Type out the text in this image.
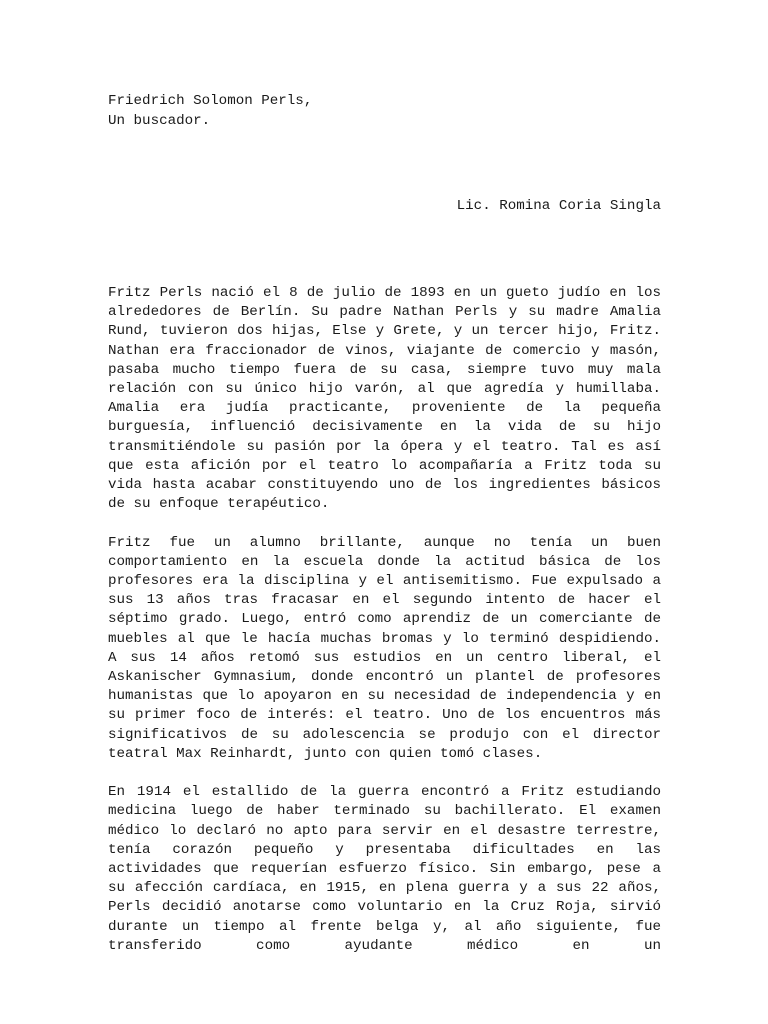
Friedrich Solomon Perls,
Un buscador.
Lic. Romina Coria Singla

Fritz Perls nació el 8 de julio de 1893 en un gueto judío en los alrededores de Berlín. Su padre Nathan Perls y su madre Amalia Rund, tuvieron dos hijas, Else y Grete, y un tercer hijo, Fritz. Nathan era fraccionador de vinos, viajante de comercio y masón, pasaba mucho tiempo fuera de su casa, siempre tuvo muy mala relación con su único hijo varón, al que agredía y humillaba. Amalia era judía practicante, proveniente de la pequeña burguesía, influenció decisivamente en la vida de su hijo transmitiéndole su pasión por la ópera y el teatro. Tal es así que esta afición por el teatro lo acompañaría a Fritz toda su vida hasta acabar constituyendo uno de los ingredientes básicos de su enfoque terapéutico.

Fritz fue un alumno brillante, aunque no tenía un buen comportamiento en la escuela donde la actitud básica de los profesores era la disciplina y el antisemitismo. Fue expulsado a sus 13 años tras fracasar en el segundo intento de hacer el séptimo grado. Luego, entró como aprendiz de un comerciante de muebles al que le hacía muchas bromas y lo terminó despidiendo. A sus 14 años retomó sus estudios en un centro liberal, el Askanischer Gymnasium, donde encontró un plantel de profesores humanistas que lo apoyaron en su necesidad de independencia y en su primer foco de interés: el teatro. Uno de los encuentros más significativos de su adolescencia se produjo con el director teatral Max Reinhardt, junto con quien tomó clases.

En 1914 el estallido de la guerra encontró a Fritz estudiando medicina luego de haber terminado su bachillerato. El examen médico lo declaró no apto para servir en el desastre terrestre, tenía corazón pequeño y presentaba dificultades en las actividades que requerían esfuerzo físico. Sin embargo, pese a su afección cardíaca, en 1915, en plena guerra y a sus 22 años, Perls decidió anotarse como voluntario en la Cruz Roja, sirvió durante un tiempo al frente belga y, al año siguiente, fue transferido como ayudante médico en un
